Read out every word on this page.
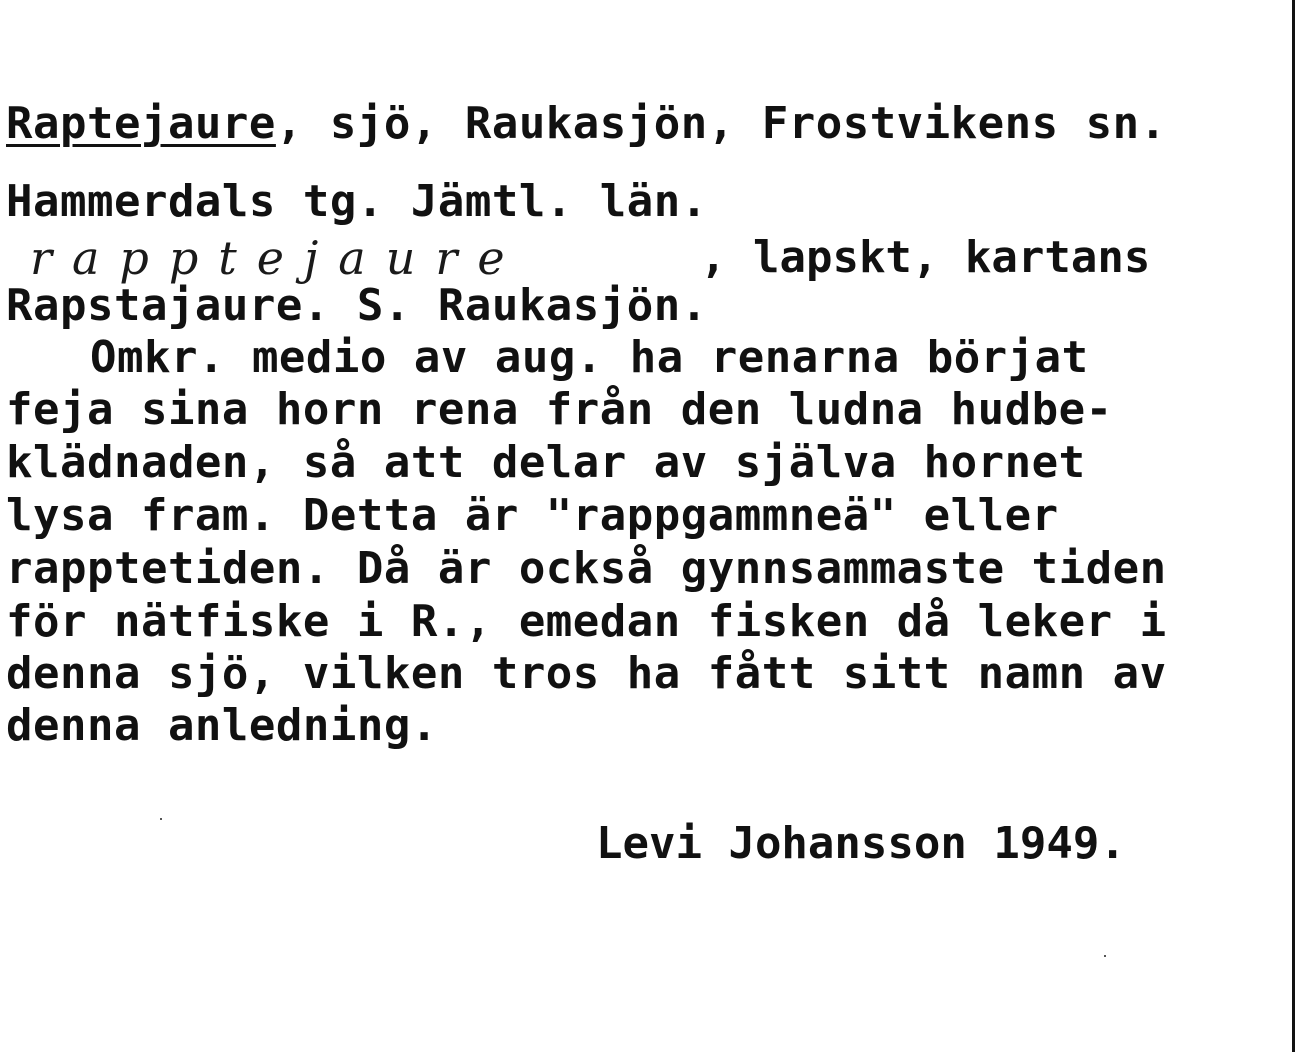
Raptejaure, sjö, Raukasjön, Frostvikens sn.

Hammerdals tg. Jämtl. län.

rapptejaure	, lapskt, kartans

Rapstajaure. S. Raukasjön.

Omkr. medio av aug. ha renarna börjat

feja sina horn rena från den ludna hudbe-

klädnaden, så att delar av själva hornet

lysa fram. Detta är "rappgammneä" eller

rapptetiden. Då är också gynnsammaste tiden

för nätfiske i R., emedan fisken då leker i

denna sjö, vilken tros ha fått sitt namn av

denna anledning.

Levi Johansson 1949.
